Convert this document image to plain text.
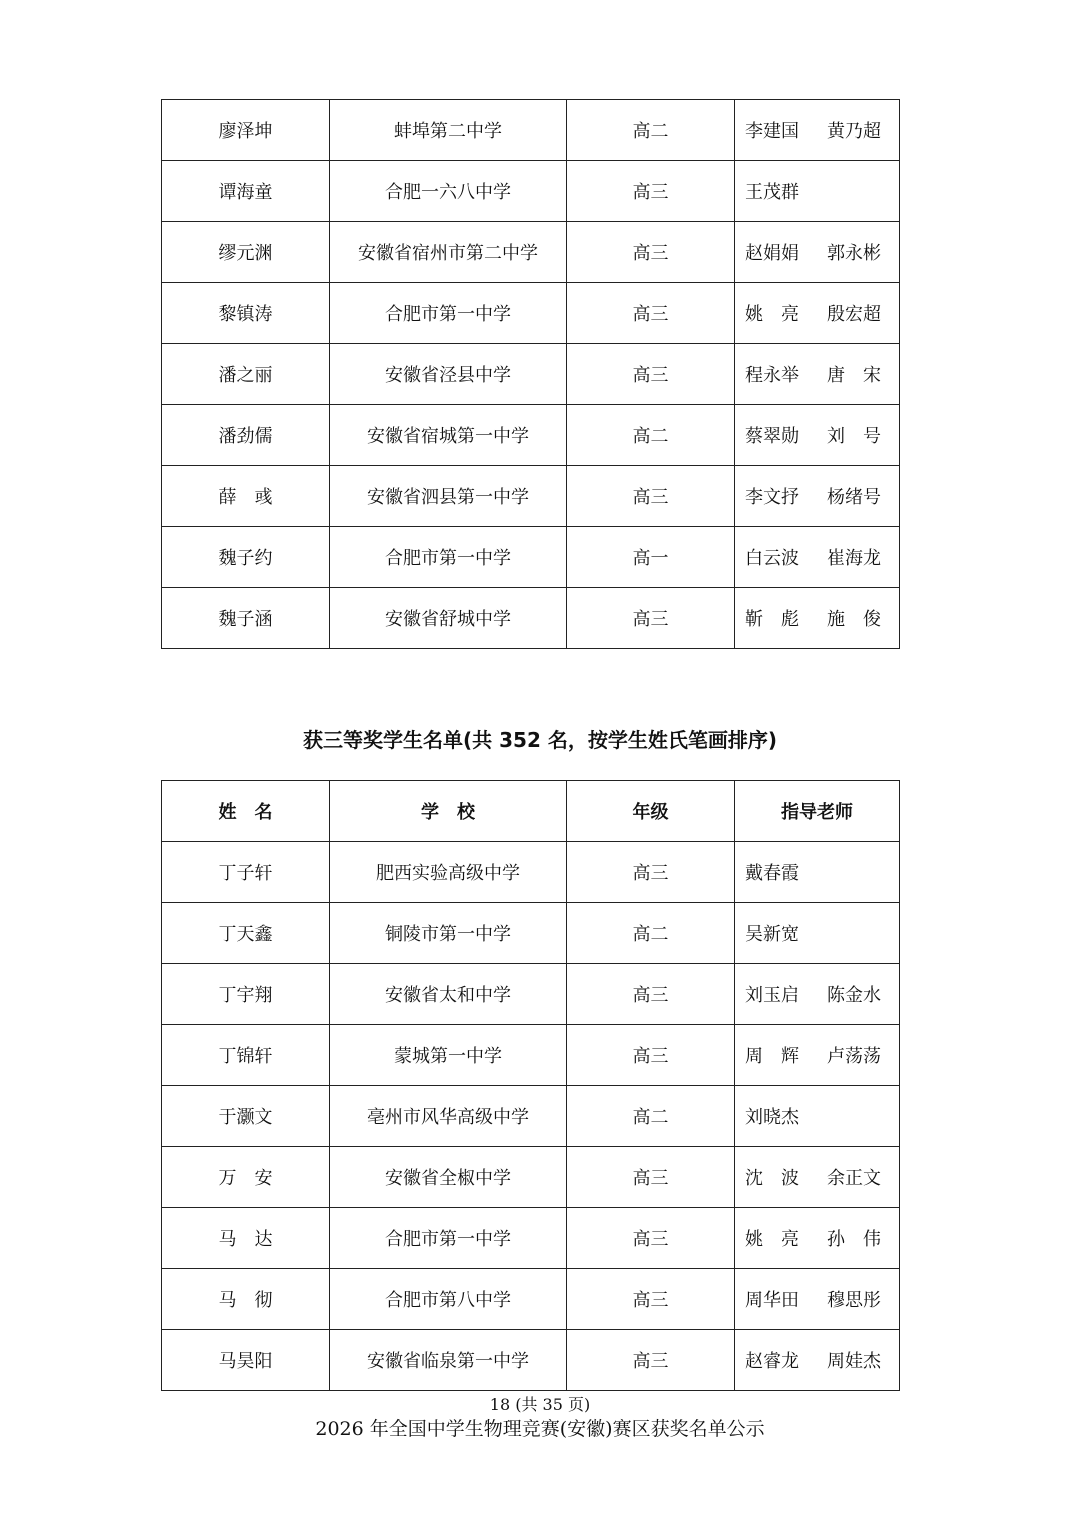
廖泽坤	蚌埠第二中学	高二	李建国 黄乃超
谭海童	合肥一六八中学	高三	王茂群
缪元渊	安徽省宿州市第二中学	高三	赵娟娟 郭永彬
黎镇涛	合肥市第一中学	高三	姚　亮 殷宏超
潘之丽	安徽省泾县中学	高三	程永举 唐　宋
潘劲儒	安徽省宿城第一中学	高二	蔡翠勋 刘　号
薛　彧	安徽省泗县第一中学	高三	李文抒 杨绪号
魏子约	合肥市第一中学	高一	白云波 崔海龙
魏子涵	安徽省舒城中学	高三	靳　彪 施　俊
获三等奖学生名单(共 352 名，按学生姓氏笔画排序)
姓　名	学　校	年级	指导老师
丁子轩	肥西实验高级中学	高三	戴春霞
丁天鑫	铜陵市第一中学	高二	吴新宽
丁宇翔	安徽省太和中学	高三	刘玉启 陈金水
丁锦轩	蒙城第一中学	高三	周　辉 卢荡荡
于灏文	亳州市风华高级中学	高二	刘晓杰
万　安	安徽省全椒中学	高三	沈　波 余正文
马　达	合肥市第一中学	高三	姚　亮 孙　伟
马　彻	合肥市第八中学	高三	周华田 穆思彤
马昊阳	安徽省临泉第一中学	高三	赵睿龙 周娃杰
18 (共 35 页)
2026 年全国中学生物理竞赛(安徽)赛区获奖名单公示
